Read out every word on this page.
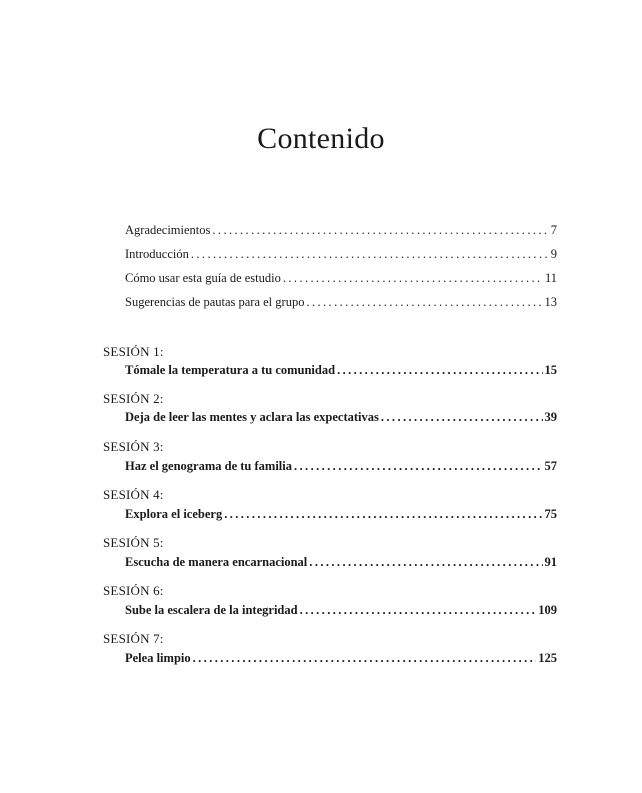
Contenido
Agradecimientos .....	7
Introducción .....	9
Cómo usar esta guía de estudio .....	11
Sugerencias de pautas para el grupo .....	13
SESIÓN 1:
Tómale la temperatura a tu comunidad .....	15
SESIÓN 2:
Deja de leer las mentes y aclara las expectativas .....	39
SESIÓN 3:
Haz el genograma de tu familia .....	57
SESIÓN 4:
Explora el iceberg .....	75
SESIÓN 5:
Escucha de manera encarnacional .....	91
SESIÓN 6:
Sube la escalera de la integridad .....	109
SESIÓN 7:
Pelea limpio .....	125
